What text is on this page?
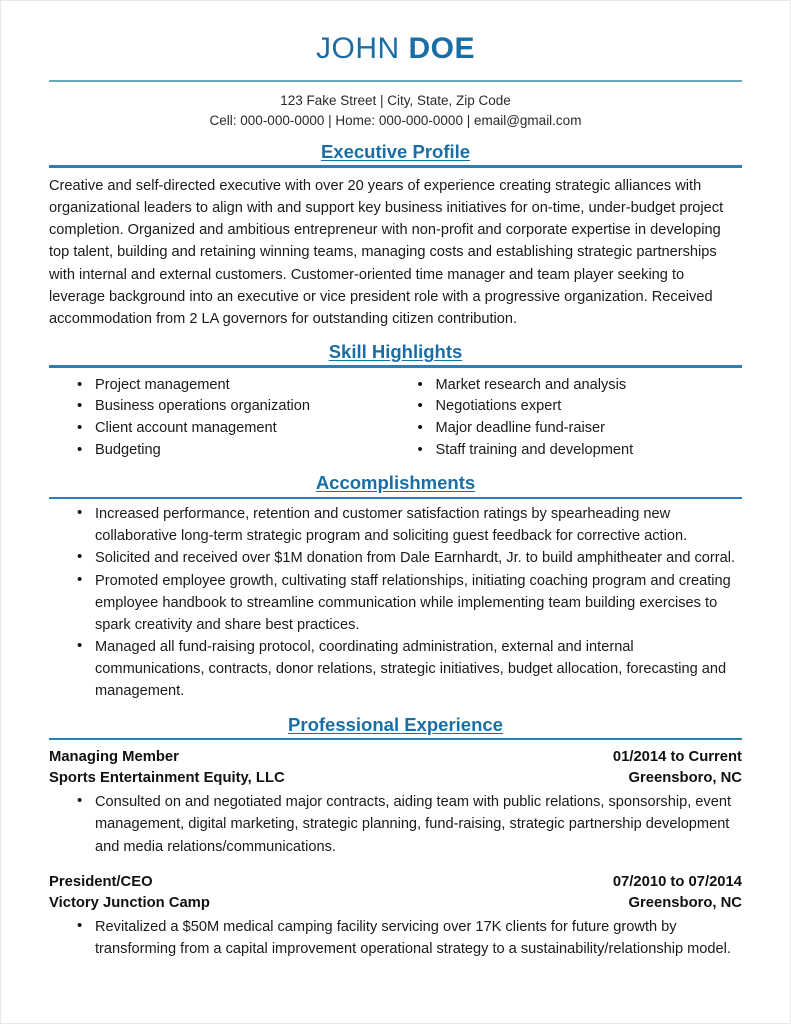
JOHN DOE
123 Fake Street | City, State, Zip Code
Cell: 000-000-0000 | Home: 000-000-0000 | email@gmail.com
Executive Profile
Creative and self-directed executive with over 20 years of experience creating strategic alliances with organizational leaders to align with and support key business initiatives for on-time, under-budget project completion. Organized and ambitious entrepreneur with non-profit and corporate expertise in developing top talent, building and retaining winning teams, managing costs and establishing strategic partnerships with internal and external customers. Customer-oriented time manager and team player seeking to leverage background into an executive or vice president role with a progressive organization. Received accommodation from 2 LA governors for outstanding citizen contribution.
Skill Highlights
• Project management
• Business operations organization
• Client account management
• Budgeting
• Market research and analysis
• Negotiations expert
• Major deadline fund-raiser
• Staff training and development
Accomplishments
• Increased performance, retention and customer satisfaction ratings by spearheading new collaborative long-term strategic program and soliciting guest feedback for corrective action.
• Solicited and received over $1M donation from Dale Earnhardt, Jr. to build amphitheater and corral.
• Promoted employee growth, cultivating staff relationships, initiating coaching program and creating employee handbook to streamline communication while implementing team building exercises to spark creativity and share best practices.
• Managed all fund-raising protocol, coordinating administration, external and internal communications, contracts, donor relations, strategic initiatives, budget allocation, forecasting and management.
Professional Experience
Managing Member	01/2014 to Current
Sports Entertainment Equity, LLC	Greensboro, NC
• Consulted on and negotiated major contracts, aiding team with public relations, sponsorship, event management, digital marketing, strategic planning, fund-raising, strategic partnership development and media relations/communications.
President/CEO	07/2010 to 07/2014
Victory Junction Camp	Greensboro, NC
• Revitalized a $50M medical camping facility servicing over 17K clients for future growth by transforming from a capital improvement operational strategy to a sustainability/relationship model.
